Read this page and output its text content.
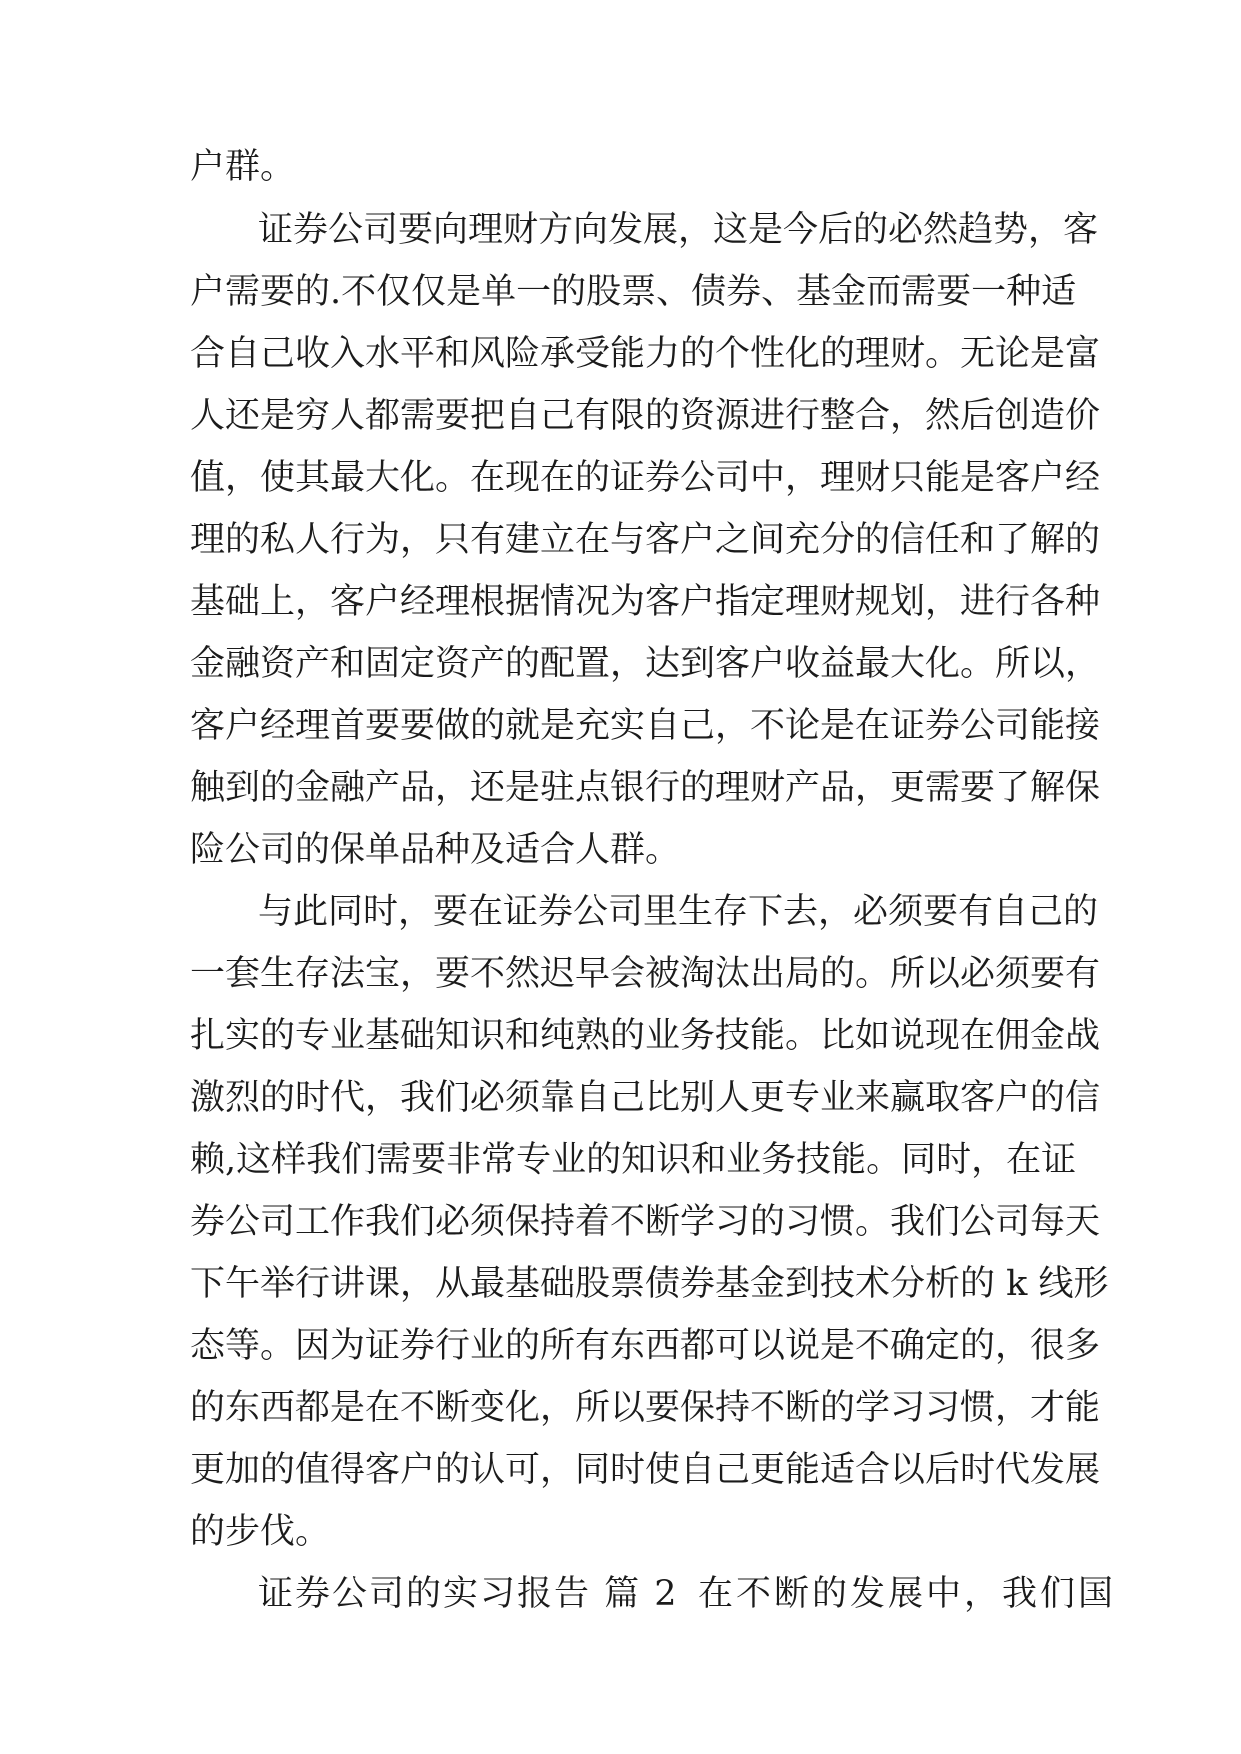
户群。
证券公司要向理财方向发展，这是今后的必然趋势，客
户需要的.不仅仅是单一的股票、债券、基金而需要一种适
合自己收入水平和风险承受能力的个性化的理财。无论是富
人还是穷人都需要把自己有限的资源进行整合，然后创造价
值，使其最大化。在现在的证券公司中，理财只能是客户经
理的私人行为，只有建立在与客户之间充分的信任和了解的
基础上，客户经理根据情况为客户指定理财规划，进行各种
金融资产和固定资产的配置，达到客户收益最大化。所以，
客户经理首要要做的就是充实自己，不论是在证券公司能接
触到的金融产品，还是驻点银行的理财产品，更需要了解保
险公司的保单品种及适合人群。
与此同时，要在证券公司里生存下去，必须要有自己的
一套生存法宝，要不然迟早会被淘汰出局的。所以必须要有
扎实的专业基础知识和纯熟的业务技能。比如说现在佣金战
激烈的时代，我们必须靠自己比别人更专业来赢取客户的信
赖,这样我们需要非常专业的知识和业务技能。同时，在证
券公司工作我们必须保持着不断学习的习惯。我们公司每天
下午举行讲课，从最基础股票债券基金到技术分析的 k 线形
态等。因为证券行业的所有东西都可以说是不确定的，很多
的东西都是在不断变化，所以要保持不断的学习习惯，才能
更加的值得客户的认可，同时使自己更能适合以后时代发展
的步伐。
证券公司的实习报告 篇 2 在不断的发展中，我们国
